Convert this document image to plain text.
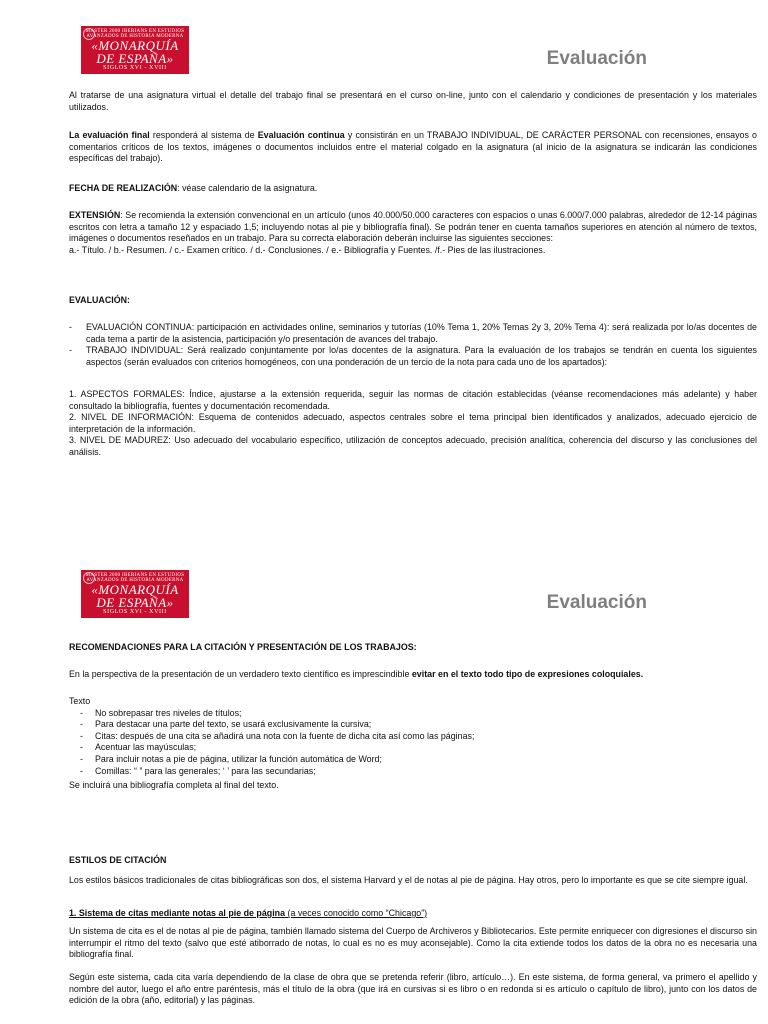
MASTER 2000 IBERIANS EN ESTUDIOS AVANZADOS DE HISTORIA MODERNA
«MONARQUÍA
DE ESPAÑA»
SIGLOS XVI - XVIII	Evaluación

Al tratarse de una asignatura virtual el detalle del trabajo final se presentará en el curso on-line, junto con el calendario y condiciones de presentación y los materiales utilizados.

La evaluación final responderá al sistema de Evaluación continua y consistirán en un TRABAJO INDIVIDUAL, DE CARÁCTER PERSONAL con recensiones, ensayos o comentarios críticos de los textos, imágenes o documentos incluidos entre el material colgado en la asignatura (al inicio de la asignatura se indicarán las condiciones específicas del trabajo).

FECHA DE REALIZACIÓN: véase calendario de la asignatura.

EXTENSIÓN: Se recomienda la extensión convencional en un artículo (unos 40.000/50.000 caracteres con espacios o unas 6.000/7.000 palabras, alrededor de 12-14 páginas escritos con letra a tamaño 12 y espaciado 1,5; incluyendo notas al pie y bibliografía final). Se podrán tener en cuenta tamaños superiores en atención al número de textos, imágenes o documentos reseñados en un trabajo. Para su correcta elaboración deberán incluirse las siguientes secciones:

a.- Título. / b.- Resumen. / c.- Examen crítico. / d.- Conclusiones. / e.- Bibliografía y Fuentes. /f.- Pies de las ilustraciones.

EVALUACIÓN:

- EVALUACIÓN CONTINUA: participación en actividades online, seminarios y tutorías (10% Tema 1, 20% Temas 2y 3, 20% Tema 4): será realizada por lo/as docentes de cada tema a partir de la asistencia, participación y/o presentación de avances del trabajo.
- TRABAJO INDIVIDUAL: Será realizado conjuntamente por lo/as docentes de la asignatura. Para la evaluación de los trabajos se tendrán en cuenta los siguientes aspectos (serán evaluados con criterios homogéneos, con una ponderación de un tercio de la nota para cada uno de los apartados):

1. ASPECTOS FORMALES: Índice, ajustarse a la extensión requerida, seguir las normas de citación establecidas (véanse recomendaciones más adelante) y haber consultado la bibliografía, fuentes y documentación recomendada.

2. NIVEL DE INFORMACIÓN: Esquema de contenidos adecuado, aspectos centrales sobre el tema principal bien identificados y analizados, adecuado ejercicio de interpretación de la información.

3. NIVEL DE MADUREZ: Uso adecuado del vocabulario específico, utilización de conceptos adecuado, precisión analítica, coherencia del discurso y las conclusiones del análisis.

MASTER 2000 IBERIANS EN ESTUDIOS AVANZADOS DE HISTORIA MODERNA
«MONARQUÍA
DE ESPAÑA»
SIGLOS XVI - XVIII	Evaluación

RECOMENDACIONES PARA LA CITACIÓN Y PRESENTACIÓN DE LOS TRABAJOS:

En la perspectiva de la presentación de un verdadero texto científico es imprescindible evitar en el texto todo tipo de expresiones coloquiales.

Texto

- No sobrepasar tres niveles de títulos;
- Para destacar una parte del texto, se usará exclusivamente la cursiva;
- Citas: después de una cita se añadirá una nota con la fuente de dicha cita así como las páginas;
- Acentuar las mayúsculas;
- Para incluir notas a pie de página, utilizar la función automática de Word;
- Comillas: “ ” para las generales; ‘ ’ para las secundarias;

Se incluirá una bibliografía completa al final del texto.

ESTILOS DE CITACIÓN

Los estilos básicos tradicionales de citas bibliográficas son dos, el sistema Harvard y el de notas al pie de página. Hay otros, pero lo importante es que se cite siempre igual.

1. Sistema de citas mediante notas al pie de página (a veces conocido como “Chicago”)

Un sistema de cita es el de notas al pie de página, también llamado sistema del Cuerpo de Archiveros y Bibliotecarios. Este permite enriquecer con digresiones el discurso sin interrumpir el ritmo del texto (salvo que esté atiborrado de notas, lo cual es no es muy aconsejable). Como la cita extiende todos los datos de la obra no es necesaria una bibliografía final.

Según este sistema, cada cita varía dependiendo de la clase de obra que se pretenda referir (libro, artículo…). En este sistema, de forma general, va primero el apellido y nombre del autor, luego el año entre paréntesis, más el título de la obra (que irá en cursivas si es libro o en redonda si es artículo o capítulo de libro), junto con los datos de edición de la obra (año, editorial) y las páginas.
